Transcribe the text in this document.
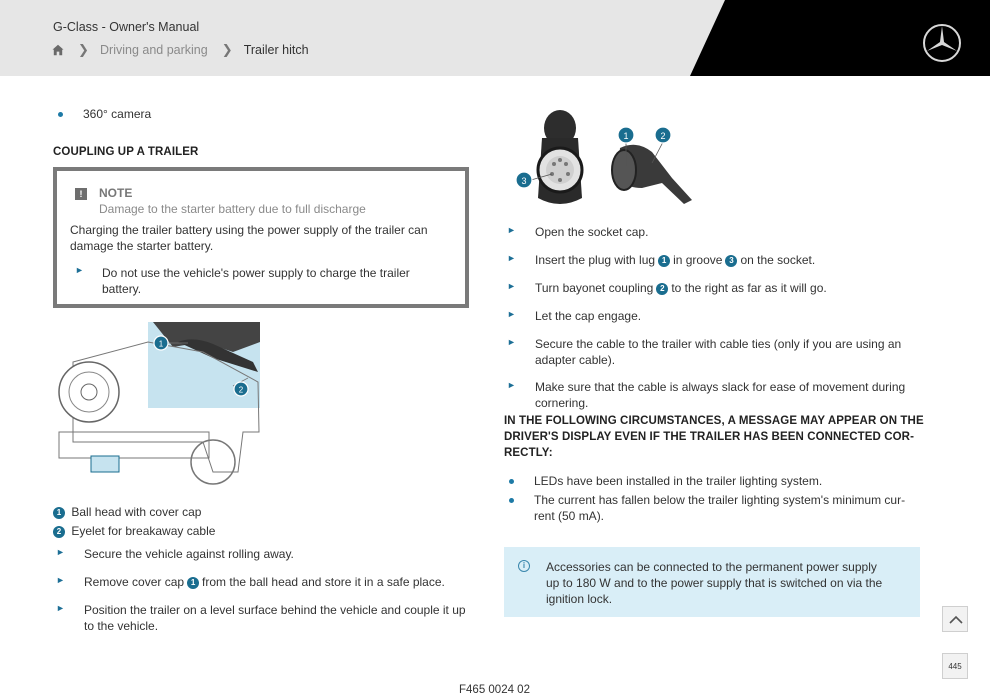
G-Class - Owner's Manual
❯ Driving and parking ❯ Trailer hitch
360° camera
COUPLING UP A TRAILER
!	NOTE
Damage to the starter battery due to full discharge
Charging the trailer battery using the power supply of the trailer can
damage the starter battery.
► Do not use the vehicle's power supply to charge the trailer
battery.
1
2
1 Ball head with cover cap
2 Eyelet for breakaway cable
► Secure the vehicle against rolling away.
► Remove cover cap 1 from the ball head and store it in a safe place.
► Position the trailer on a level surface behind the vehicle and couple it up
to the vehicle.
1	2
3
► Open the socket cap.
► Insert the plug with lug 1 in groove 3 on the socket.
► Turn bayonet coupling 2 to the right as far as it will go.
► Let the cap engage.
► Secure the cable to the trailer with cable ties (only if you are using an
adapter cable).
► Make sure that the cable is always slack for ease of movement during
cornering.
IN THE FOLLOWING CIRCUMSTANCES, A MESSAGE MAY APPEAR ON THE
DRIVER'S DISPLAY EVEN IF THE TRAILER HAS BEEN CONNECTED COR-
RECTLY:
LEDs have been installed in the trailer lighting system.
The current has fallen below the trailer lighting system's minimum cur-
rent (50 mA).
i	Accessories can be connected to the permanent power supply
up to 180 W and to the power supply that is switched on via the
ignition lock.
445
F465 0024 02
